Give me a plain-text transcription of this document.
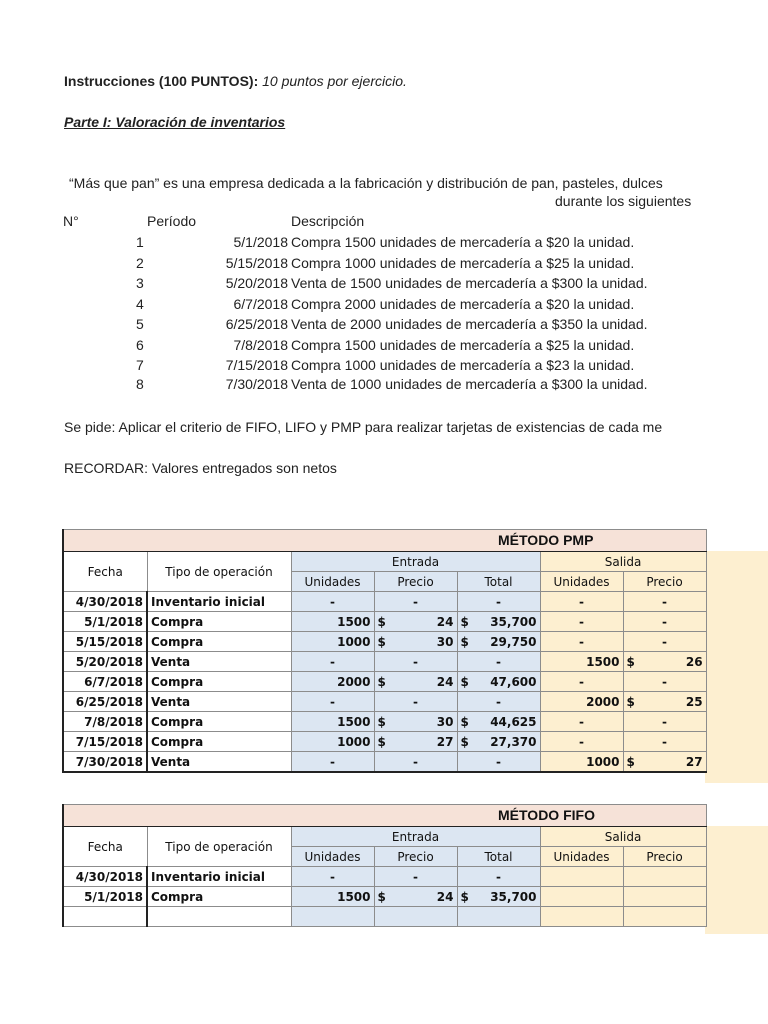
Instrucciones (100 PUNTOS): 10 puntos por ejercicio.
Parte I: Valoración de inventarios
“Más que pan” es una empresa dedicada a la fabricación y distribución de pan, pasteles, dulces
durante los siguientes
N°	Período	Descripción
1	5/1/2018 Compra 1500 unidades de mercadería a $20 la unidad.
2	5/15/2018 Compra 1000 unidades de mercadería a $25 la unidad.
3	5/20/2018 Venta de 1500 unidades de mercadería a $300 la unidad.
4	6/7/2018 Compra 2000 unidades de mercadería a $20 la unidad.
5	6/25/2018 Venta de 2000 unidades de mercadería a $350 la unidad.
6	7/8/2018 Compra 1500 unidades de mercadería a $25 la unidad.
7	7/15/2018 Compra 1000 unidades de mercadería a $23 la unidad.
8	7/30/2018 Venta de 1000 unidades de mercadería a $300 la unidad.
Se pide: Aplicar el criterio de FIFO, LIFO y PMP para realizar tarjetas de existencias de cada me
RECORDAR: Valores entregados son netos
MÉTODO PMP						

Fecha	Tipo de operación	Entrada			Salida	
		Unidades	Precio	Total	Unidades	Precio
4/30/2018	Inventario inicial	-	-	-	-	-
5/1/2018	Compra	1500	$ 24	$ 35,700	-	-
5/15/2018	Compra	1000	$ 30	$ 29,750	-	-
5/20/2018	Venta	-	-	-	1500	$ 26

6/7/2018	Compra	2000	$ 24	$ 47,600	-	-
6/25/2018	Venta	-	-	-	2000	$ 25

7/8/2018	Compra	1500	$ 30	$ 44,625	-	-
7/15/2018	Compra	1000	$ 27	$ 27,370	-	-
7/30/2018	Venta	-	-	-	1000	$ 27
MÉTODO FIFO						

Fecha	Tipo de operación	Entrada			Salida	
		Unidades	Precio	Total	Unidades	Precio
4/30/2018	Inventario inicial	-	-	-		
5/1/2018	Compra	1500	$ 24	$ 35,700		
